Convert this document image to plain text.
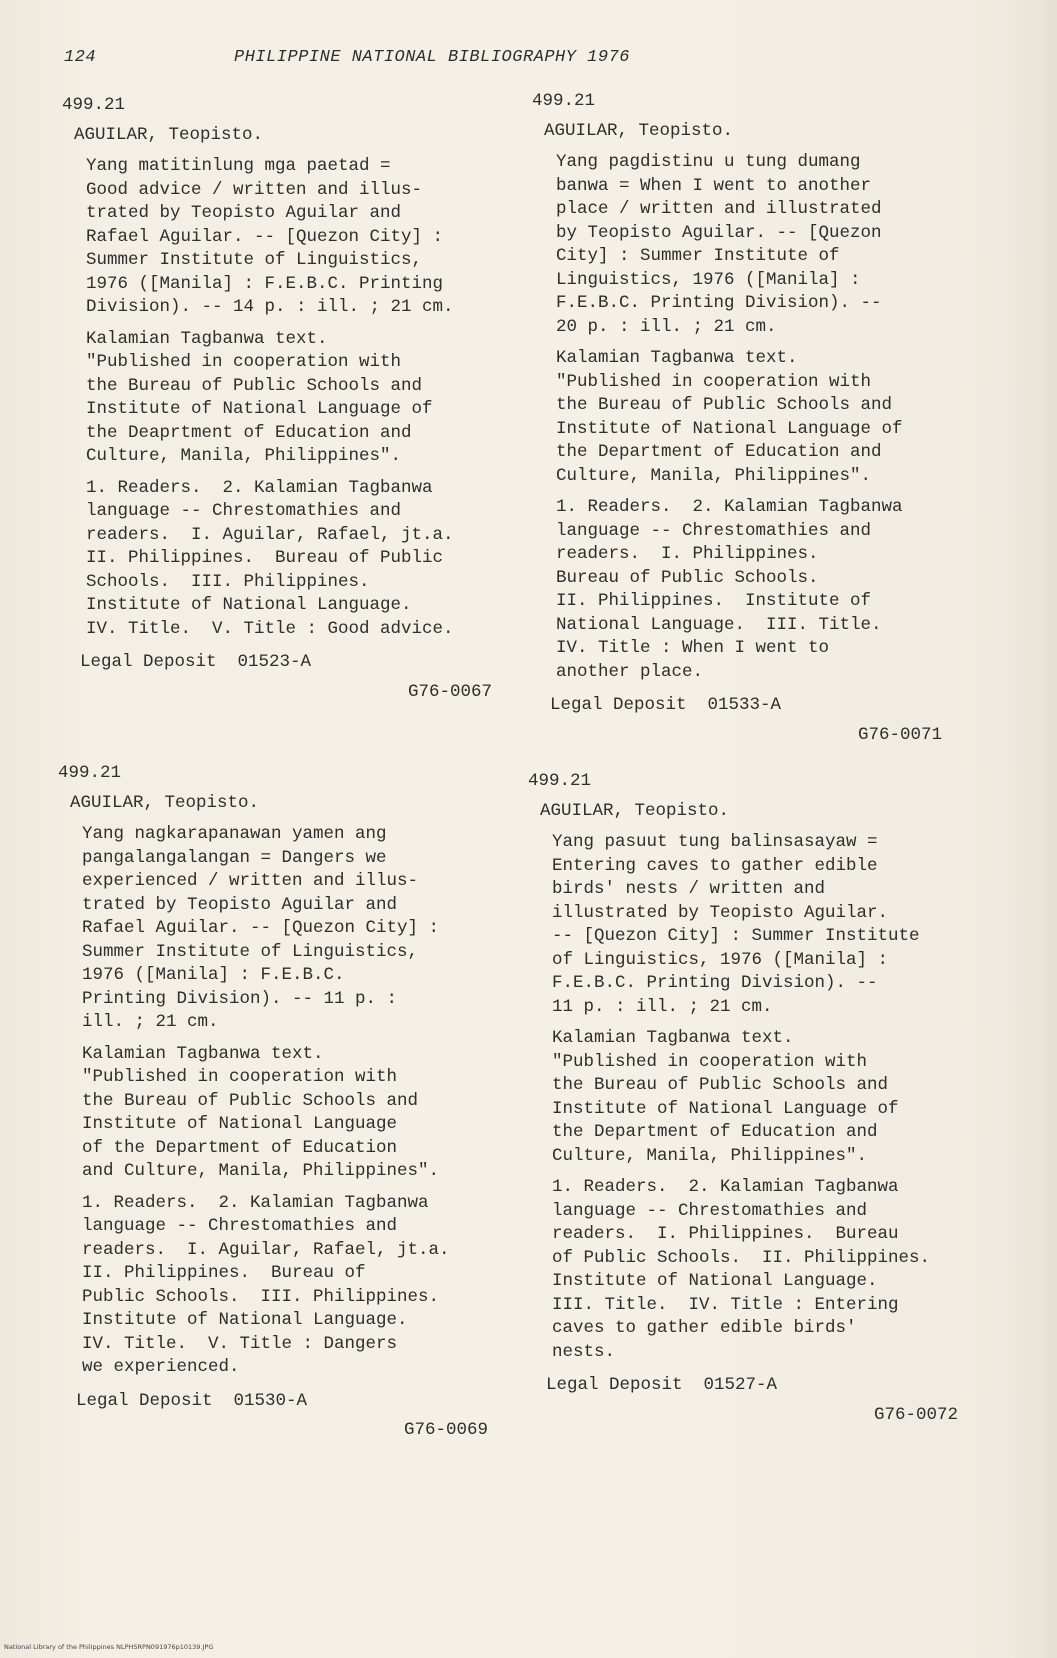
124	PHILIPPINE NATIONAL BIBLIOGRAPHY 1976
499.21
AGUILAR, Teopisto.
Yang matitinlung mga paetad =
Good advice / written and illus-
trated by Teopisto Aguilar and
Rafael Aguilar. -- [Quezon City] :
Summer Institute of Linguistics,
1976 ([Manila] : F.E.B.C. Printing
Division). -- 14 p. : ill. ; 21 cm.
Kalamian Tagbanwa text.
"Published in cooperation with
the Bureau of Public Schools and
Institute of National Language of
the Deaprtment of Education and
Culture, Manila, Philippines".
1. Readers.  2. Kalamian Tagbanwa
language -- Chrestomathies and
readers.  I. Aguilar, Rafael, jt.a.
II. Philippines.  Bureau of Public
Schools.  III. Philippines.
Institute of National Language.
IV. Title.  V. Title : Good advice.
Legal Deposit  01523-A
G76-0067
499.21
AGUILAR, Teopisto.
Yang pagdistinu u tung dumang
banwa = When I went to another
place / written and illustrated
by Teopisto Aguilar. -- [Quezon
City] : Summer Institute of
Linguistics, 1976 ([Manila] :
F.E.B.C. Printing Division). --
20 p. : ill. ; 21 cm.
Kalamian Tagbanwa text.
"Published in cooperation with
the Bureau of Public Schools and
Institute of National Language of
the Department of Education and
Culture, Manila, Philippines".
1. Readers.  2. Kalamian Tagbanwa
language -- Chrestomathies and
readers.  I. Philippines.
Bureau of Public Schools.
II. Philippines.  Institute of
National Language.  III. Title.
IV. Title : When I went to
another place.
Legal Deposit  01533-A
G76-0071
499.21
AGUILAR, Teopisto.
Yang nagkarapanawan yamen ang
pangalangalangan = Dangers we
experienced / written and illus-
trated by Teopisto Aguilar and
Rafael Aguilar. -- [Quezon City] :
Summer Institute of Linguistics,
1976 ([Manila] : F.E.B.C.
Printing Division). -- 11 p. :
ill. ; 21 cm.
Kalamian Tagbanwa text.
"Published in cooperation with
the Bureau of Public Schools and
Institute of National Language
of the Department of Education
and Culture, Manila, Philippines".
1. Readers.  2. Kalamian Tagbanwa
language -- Chrestomathies and
readers.  I. Aguilar, Rafael, jt.a.
II. Philippines.  Bureau of
Public Schools.  III. Philippines.
Institute of National Language.
IV. Title.  V. Title : Dangers
we experienced.
Legal Deposit  01530-A
G76-0069
499.21
AGUILAR, Teopisto.
Yang pasuut tung balinsasayaw =
Entering caves to gather edible
birds' nests / written and
illustrated by Teopisto Aguilar.
-- [Quezon City] : Summer Institute
of Linguistics, 1976 ([Manila] :
F.E.B.C. Printing Division). --
11 p. : ill. ; 21 cm.
Kalamian Tagbanwa text.
"Published in cooperation with
the Bureau of Public Schools and
Institute of National Language of
the Department of Education and
Culture, Manila, Philippines".
1. Readers.  2. Kalamian Tagbanwa
language -- Chrestomathies and
readers.  I. Philippines.  Bureau
of Public Schools.  II. Philippines.
Institute of National Language.
III. Title.  IV. Title : Entering
caves to gather edible birds'
nests.
Legal Deposit  01527-A
G76-0072
National Library of the Philippines NLPHSRPN091976p10139.JPG
